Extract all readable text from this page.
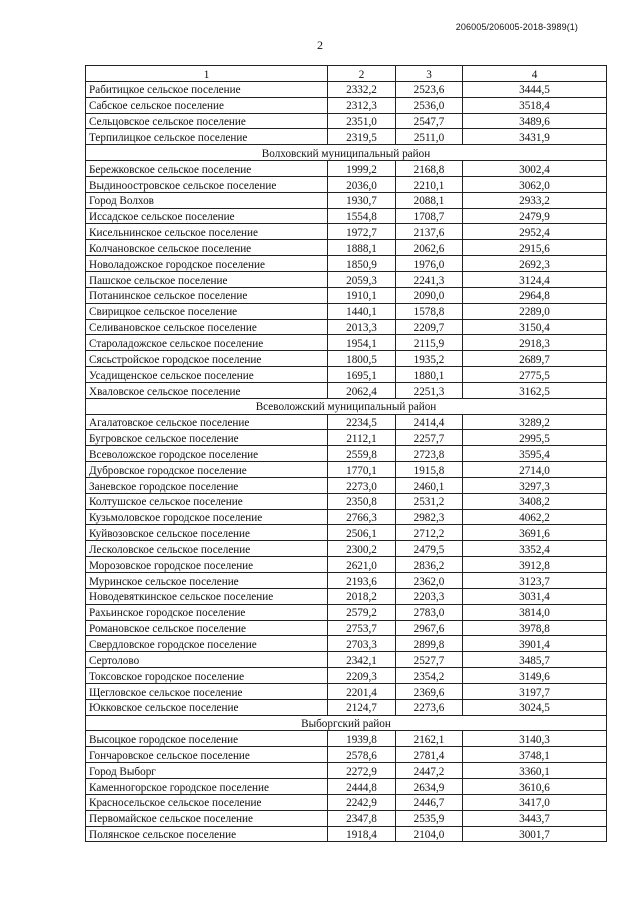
206005/206005-2018-3989(1)
2
1	2	3	4
Рабитицкое сельское поселение	2332,2	2523,6	3444,5
Сабское сельское поселение	2312,3	2536,0	3518,4
Сельцовское сельское поселение	2351,0	2547,7	3489,6
Терпилицкое сельское поселение	2319,5	2511,0	3431,9
Волховский муниципальный район			
Бережковское сельское поселение	1999,2	2168,8	3002,4
Выдиноостровское сельское поселение	2036,0	2210,1	3062,0
Город Волхов	1930,7	2088,1	2933,2
Иссадское сельское поселение	1554,8	1708,7	2479,9
Кисельнинское сельское поселение	1972,7	2137,6	2952,4
Колчановское сельское поселение	1888,1	2062,6	2915,6
Новоладожское городское поселение	1850,9	1976,0	2692,3
Пашское сельское поселение	2059,3	2241,3	3124,4
Потанинское сельское поселение	1910,1	2090,0	2964,8
Свирицкое сельское поселение	1440,1	1578,8	2289,0
Селивановское сельское поселение	2013,3	2209,7	3150,4
Староладожское сельское поселение	1954,1	2115,9	2918,3
Сясьстройское городское поселение	1800,5	1935,2	2689,7
Усадищенское сельское поселение	1695,1	1880,1	2775,5
Хваловское сельское поселение	2062,4	2251,3	3162,5
Всеволожский муниципальный район			
Агалатовское сельское поселение	2234,5	2414,4	3289,2
Бугровское сельское поселение	2112,1	2257,7	2995,5
Всеволожское городское поселение	2559,8	2723,8	3595,4
Дубровское городское поселение	1770,1	1915,8	2714,0
Заневское городское поселение	2273,0	2460,1	3297,3
Колтушское сельское поселение	2350,8	2531,2	3408,2
Кузьмоловское городское поселение	2766,3	2982,3	4062,2
Куйвозовское сельское поселение	2506,1	2712,2	3691,6
Лесколовское сельское поселение	2300,2	2479,5	3352,4
Морозовское городское поселение	2621,0	2836,2	3912,8
Муринское сельское поселение	2193,6	2362,0	3123,7
Новодевяткинское сельское поселение	2018,2	2203,3	3031,4
Рахьинское городское поселение	2579,2	2783,0	3814,0
Романовское сельское поселение	2753,7	2967,6	3978,8
Свердловское городское поселение	2703,3	2899,8	3901,4
Сертолово	2342,1	2527,7	3485,7
Токсовское городское поселение	2209,3	2354,2	3149,6
Щегловское сельское поселение	2201,4	2369,6	3197,7
Юкковское сельское поселение	2124,7	2273,6	3024,5
Выборгский район			
Высоцкое городское поселение	1939,8	2162,1	3140,3
Гончаровское сельское поселение	2578,6	2781,4	3748,1
Город Выборг	2272,9	2447,2	3360,1
Каменногорское городское поселение	2444,8	2634,9	3610,6
Красносельское сельское поселение	2242,9	2446,7	3417,0
Первомайское сельское поселение	2347,8	2535,9	3443,7
Полянское сельское поселение	1918,4	2104,0	3001,7
